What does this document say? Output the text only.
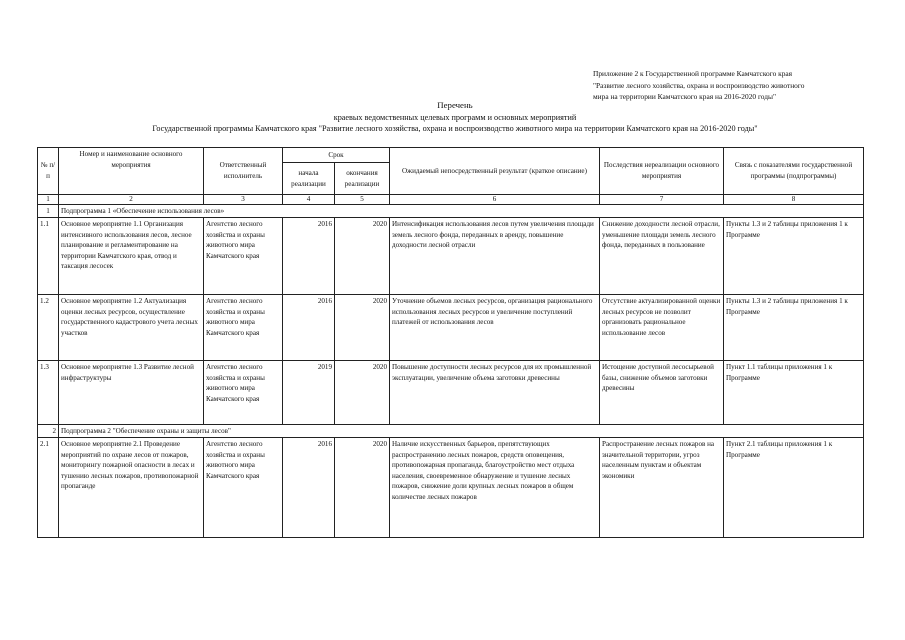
Приложение 2 к Государственной программе Камчатского края
"Развитие лесного хозяйства, охрана и воспроизводство животного
мира на территории Камчатского края на 2016-2020 годы"
Перечень
краевых ведомственных целевых программ и основных мероприятий
Государственной программы Камчатского края "Развитие лесного хозяйства, охрана и воспроизводство животного мира на территории Камчатского края на 2016-2020 годы"
№ п/п	Номер и наименование основного мероприятия	Ответственный исполнитель	Срок		Ожидаемый непосредственный результат (краткое описание)	Последствия нереализации основного мероприятия	Связь с показателями государственной программы (подпрограммы)
			начала реализации	окончания реализации			
1	2	3	4	5	6	7	8
1	Подпрограмма 1 «Обеспечение использования лесов»						
1.1	Основное мероприятие 1.1 Организация интенсивного использования лесов, лесное планирование и регламентирование на территории Камчатского края, отвод и таксация лесосек	Агентство лесного хозяйства и охраны животного мира Камчатского края	2016	2020	Интенсификация использования лесов путем увеличения площади земель лесного фонда, переданных в аренду, повышение доходности лесной отрасли	Снижение доходности лесной отрасли, уменьшение площади земель лесного фонда, переданных в пользование	Пункты 1.3 и 2 таблицы приложения 1 к Программе
1.2	Основное мероприятие 1.2 Актуализация оценки лесных ресурсов, осуществление государственного кадастрового учета лесных участков	Агентство лесного хозяйства и охраны животного мира Камчатского края	2016	2020	Уточнение объемов лесных ресурсов, организация рационального использования лесных ресурсов и увеличение поступлений платежей от использования лесов	Отсутствие актуализированной оценки лесных ресурсов не позволит организовать рациональное использование лесов	Пункты 1.3 и 2 таблицы приложения 1 к Программе
1.3	Основное мероприятие 1.3 Развитие лесной инфраструктуры	Агентство лесного хозяйства и охраны животного мира Камчатского края	2019	2020	Повышение доступности лесных ресурсов для их промышленной эксплуатации, увеличение объема заготовки древесины	Истощение доступной лесосырьевой базы, снижение объемов заготовки древесины	Пункт 1.1 таблицы приложения 1 к Программе
2	Подпрограмма 2 "Обеспечение охраны и защиты лесов"						
2.1	Основное мероприятие 2.1 Проведение мероприятий по охране лесов от пожаров, мониторингу пожарной опасности в лесах и тушению лесных пожаров, противопожарной пропаганде	Агентство лесного хозяйства и охраны животного мира Камчатского края	2016	2020	Наличие искусственных барьеров, препятствующих распространению лесных пожаров, средств оповещения, противопожарная пропаганда, благоустройство мест отдыха населения, своевременное обнаружение и тушение лесных пожаров, снижение доли крупных лесных пожаров в общем количестве лесных пожаров	Распространение лесных пожаров на значительной территории, угроз населенным пунктам и объектам экономики	Пункт 2.1 таблицы приложения 1 к Программе
